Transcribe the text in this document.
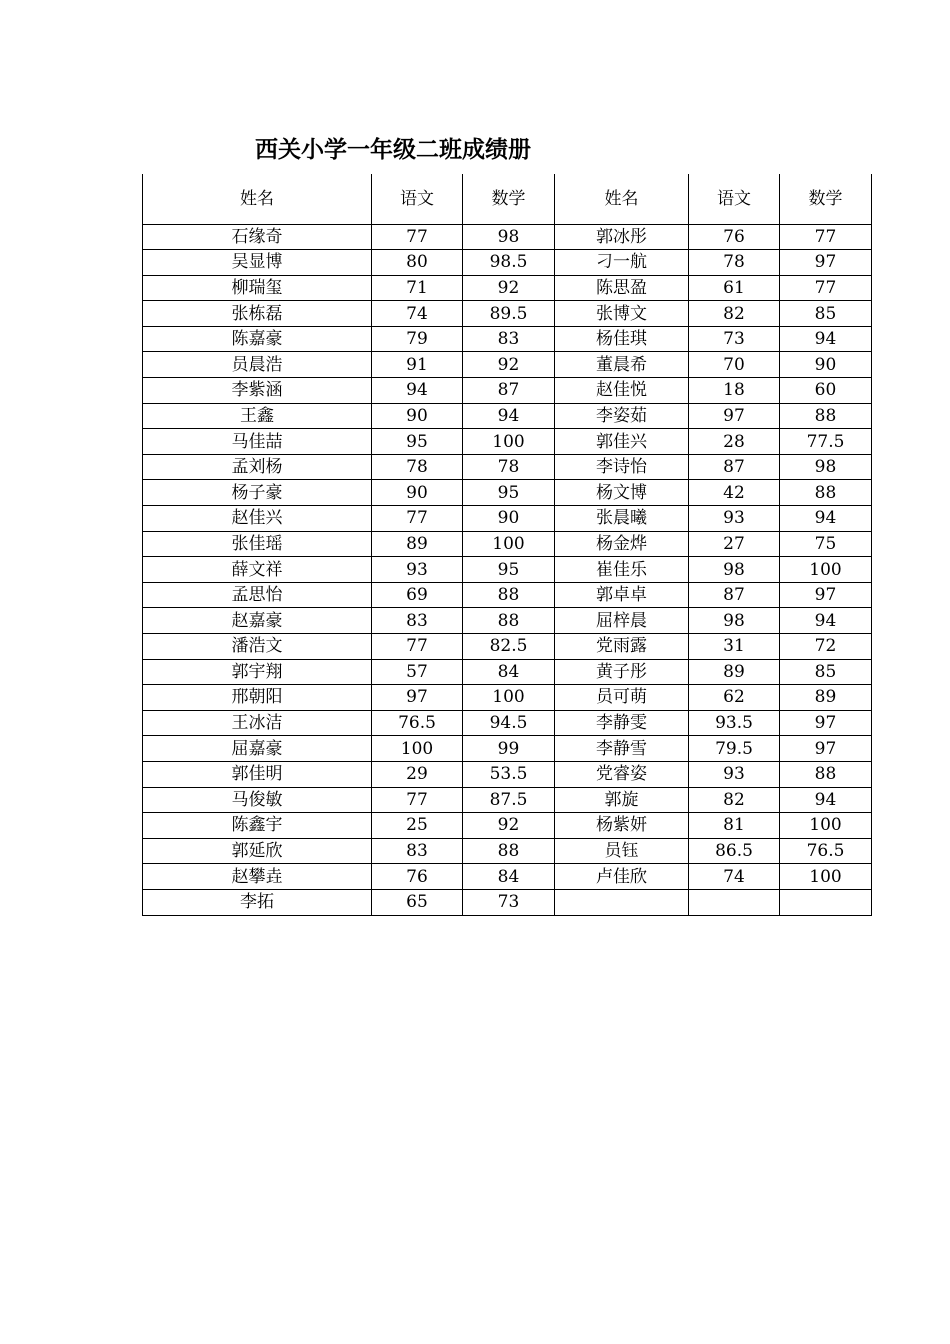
西关小学一年级二班成绩册
姓名	语文	数学	姓名	语文	数学
石缘奇	77	98	郭冰彤	76	77
吴显博	80	98.5	刁一航	78	97
柳瑞玺	71	92	陈思盈	61	77
张栋磊	74	89.5	张博文	82	85
陈嘉豪	79	83	杨佳琪	73	94
员晨浩	91	92	董晨希	70	90
李紫涵	94	87	赵佳悦	18	60
王鑫	90	94	李姿茹	97	88
马佳喆	95	100	郭佳兴	28	77.5
孟刘杨	78	78	李诗怡	87	98
杨子豪	90	95	杨文博	42	88
赵佳兴	77	90	张晨曦	93	94
张佳瑶	89	100	杨金烨	27	75
薛文祥	93	95	崔佳乐	98	100
孟思怡	69	88	郭卓卓	87	97
赵嘉豪	83	88	屈梓晨	98	94
潘浩文	77	82.5	党雨露	31	72
郭宇翔	57	84	黄子彤	89	85
邢朝阳	97	100	员可萌	62	89
王冰洁	76.5	94.5	李静雯	93.5	97
屈嘉豪	100	99	李静雪	79.5	97
郭佳明	29	53.5	党睿姿	93	88
马俊敏	77	87.5	郭旋	82	94
陈鑫宇	25	92	杨紫妍	81	100
郭延欣	83	88	员钰	86.5	76.5
赵攀垚	76	84	卢佳欣	74	100
李拓	65	73			
